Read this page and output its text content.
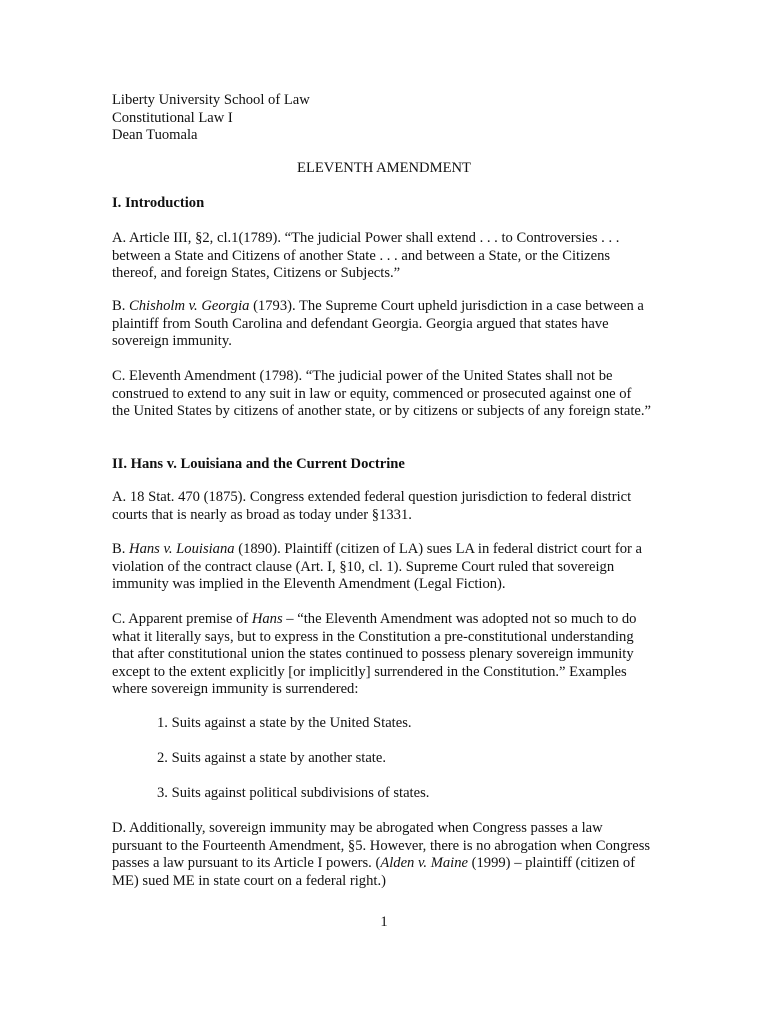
Liberty University School of Law
Constitutional Law I
Dean Tuomala
ELEVENTH AMENDMENT
I. Introduction

A. Article III, §2, cl.1(1789). “The judicial Power shall extend . . . to Controversies . . . between a State and Citizens of another State . . . and between a State, or the Citizens thereof, and foreign States, Citizens or Subjects.”

B. Chisholm v. Georgia (1793). The Supreme Court upheld jurisdiction in a case between a plaintiff from South Carolina and defendant Georgia. Georgia argued that states have sovereign immunity.

C. Eleventh Amendment (1798). “The judicial power of the United States shall not be construed to extend to any suit in law or equity, commenced or prosecuted against one of the United States by citizens of another state, or by citizens or subjects of any foreign state.”

II. Hans v. Louisiana and the Current Doctrine

A. 18 Stat. 470 (1875). Congress extended federal question jurisdiction to federal district courts that is nearly as broad as today under §1331.

B. Hans v. Louisiana (1890). Plaintiff (citizen of LA) sues LA in federal district court for a violation of the contract clause (Art. I, §10, cl. 1). Supreme Court ruled that sovereign immunity was implied in the Eleventh Amendment (Legal Fiction).

C. Apparent premise of Hans – “the Eleventh Amendment was adopted not so much to do what it literally says, but to express in the Constitution a pre-constitutional understanding that after constitutional union the states continued to possess plenary sovereign immunity except to the extent explicitly [or implicitly] surrendered in the Constitution.” Examples where sovereign immunity is surrendered:

1. Suits against a state by the United States.
2. Suits against a state by another state.
3. Suits against political subdivisions of states.

D. Additionally, sovereign immunity may be abrogated when Congress passes a law pursuant to the Fourteenth Amendment, §5. However, there is no abrogation when Congress passes a law pursuant to its Article I powers. (Alden v. Maine (1999) – plaintiff (citizen of ME) sued ME in state court on a federal right.)

1
